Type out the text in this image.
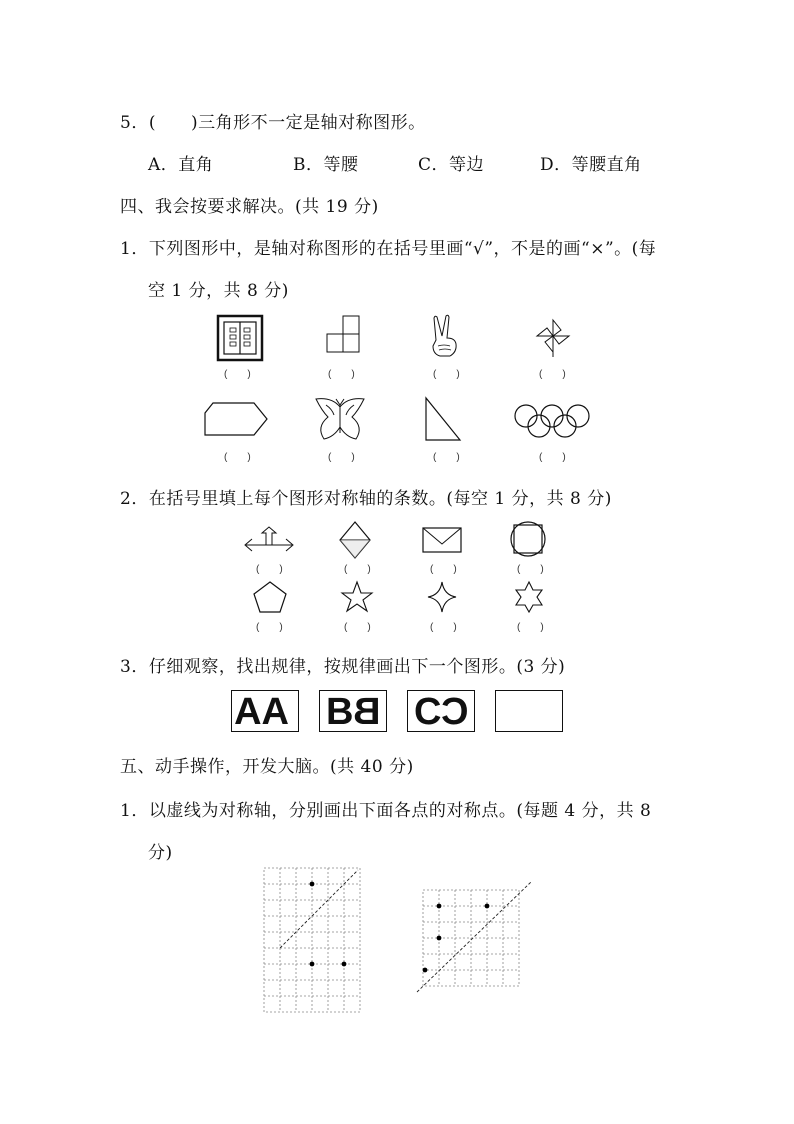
5．(　　)三角形不一定是轴对称图形。
A．直角	B．等腰	C．等边	D．等腰直角
四、我会按要求解决。(共 19 分)
1．下列图形中，是轴对称图形的在括号里画“√”，不是的画“×”。(每
空 1 分，共 8 分)
(　　)	(　　)	(　　)	(　　)
(　　)	(　　)	(　　)	(　　)
2．在括号里填上每个图形对称轴的条数。(每空 1 分，共 8 分)
(　　)	(　　)	(　　)	(　　)
(　　)	(　　)	(　　)	(　　)
3．仔细观察，找出规律，按规律画出下一个图形。(3 分)
AA BB CC
五、动手操作，开发大脑。(共 40 分)
1．以虚线为对称轴，分别画出下面各点的对称点。(每题 4 分，共 8
分)
